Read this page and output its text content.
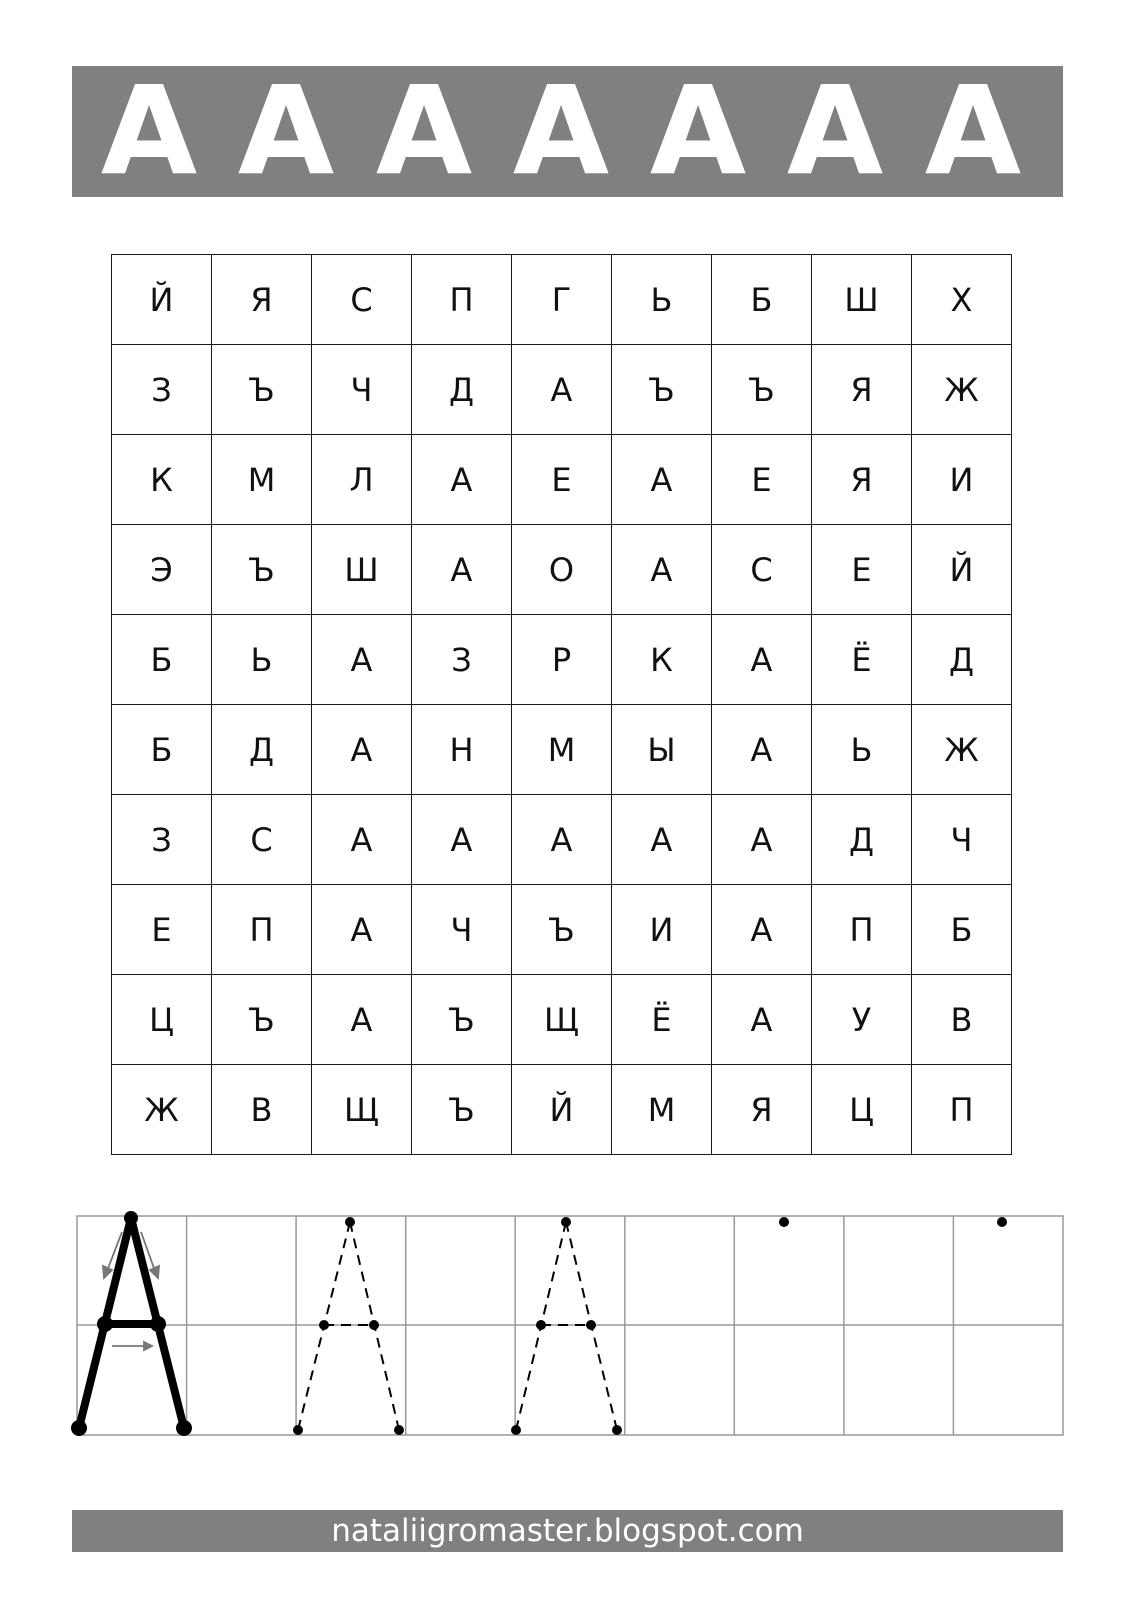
А А А А А А А
Й	Я	С	П	Г	Ь	Б	Ш	Х
З	Ъ	Ч	Д	А	Ъ	Ъ	Я	Ж
К	М	Л	А	Е	А	Е	Я	И
Э	Ъ	Ш	А	О	А	С	Е	Й
Б	Ь	А	З	Р	К	А	Ё	Д
Б	Д	А	Н	М	Ы	А	Ь	Ж
З	С	А	А	А	А	А	Д	Ч
Е	П	А	Ч	Ъ	И	А	П	Б
Ц	Ъ	А	Ъ	Щ	Ё	А	У	В
Ж	В	Щ	Ъ	Й	М	Я	Ц	П
nataliigromaster.blogspot.com
